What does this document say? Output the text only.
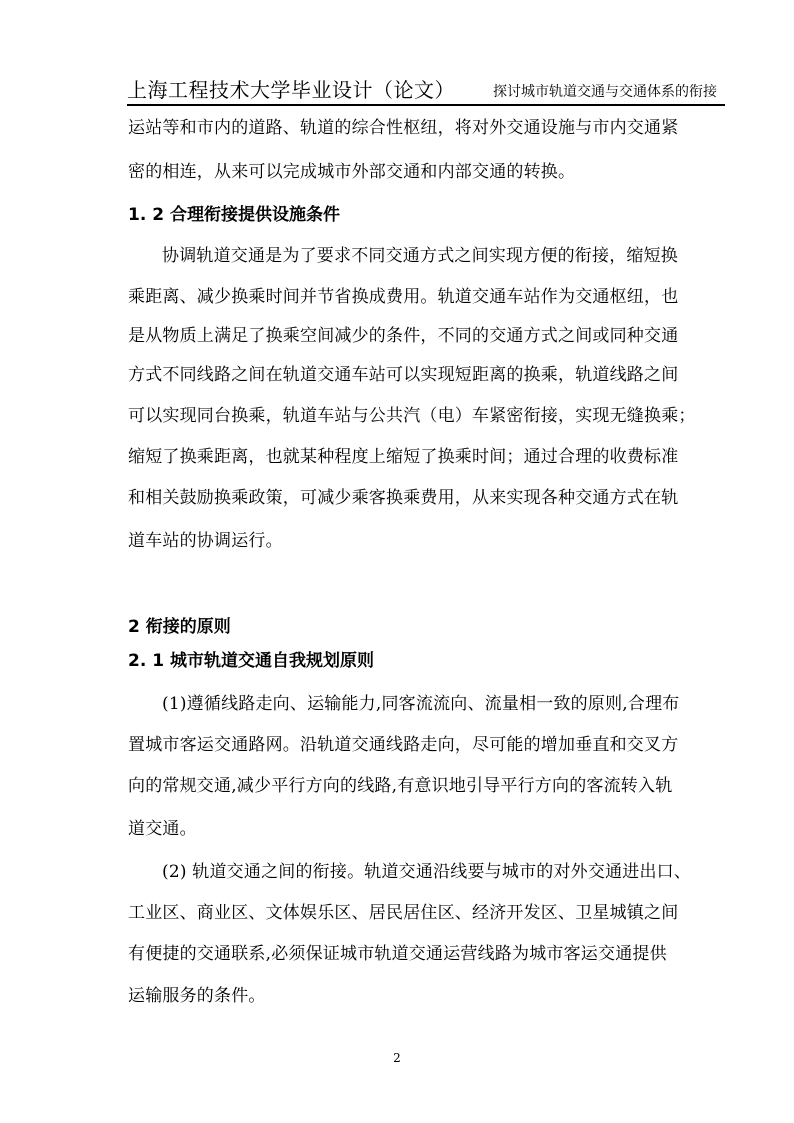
上海工程技术大学毕业设计（论文）	探讨城市轨道交通与交通体系的衔接
运站等和市内的道路、轨道的综合性枢纽，将对外交通设施与市内交通紧
密的相连，从来可以完成城市外部交通和内部交通的转换。
1. 2 合理衔接提供设施条件
协调轨道交通是为了要求不同交通方式之间实现方便的衔接，缩短换
乘距离、减少换乘时间并节省换成费用。轨道交通车站作为交通枢纽，也
是从物质上满足了换乘空间减少的条件，不同的交通方式之间或同种交通
方式不同线路之间在轨道交通车站可以实现短距离的换乘，轨道线路之间
可以实现同台换乘，轨道车站与公共汽（电）车紧密衔接，实现无缝换乘；
缩短了换乘距离，也就某种程度上缩短了换乘时间；通过合理的收费标准
和相关鼓励换乘政策，可减少乘客换乘费用，从来实现各种交通方式在轨
道车站的协调运行。
2 衔接的原则
2. 1 城市轨道交通自我规划原则
(1)遵循线路走向、运输能力,同客流流向、流量相一致的原则,合理布
置城市客运交通路网。沿轨道交通线路走向，尽可能的增加垂直和交叉方
向的常规交通,减少平行方向的线路,有意识地引导平行方向的客流转入轨
道交通。
(2) 轨道交通之间的衔接。轨道交通沿线要与城市的对外交通进出口、
工业区、商业区、文体娱乐区、居民居住区、经济开发区、卫星城镇之间
有便捷的交通联系,必须保证城市轨道交通运营线路为城市客运交通提供
运输服务的条件。
2
